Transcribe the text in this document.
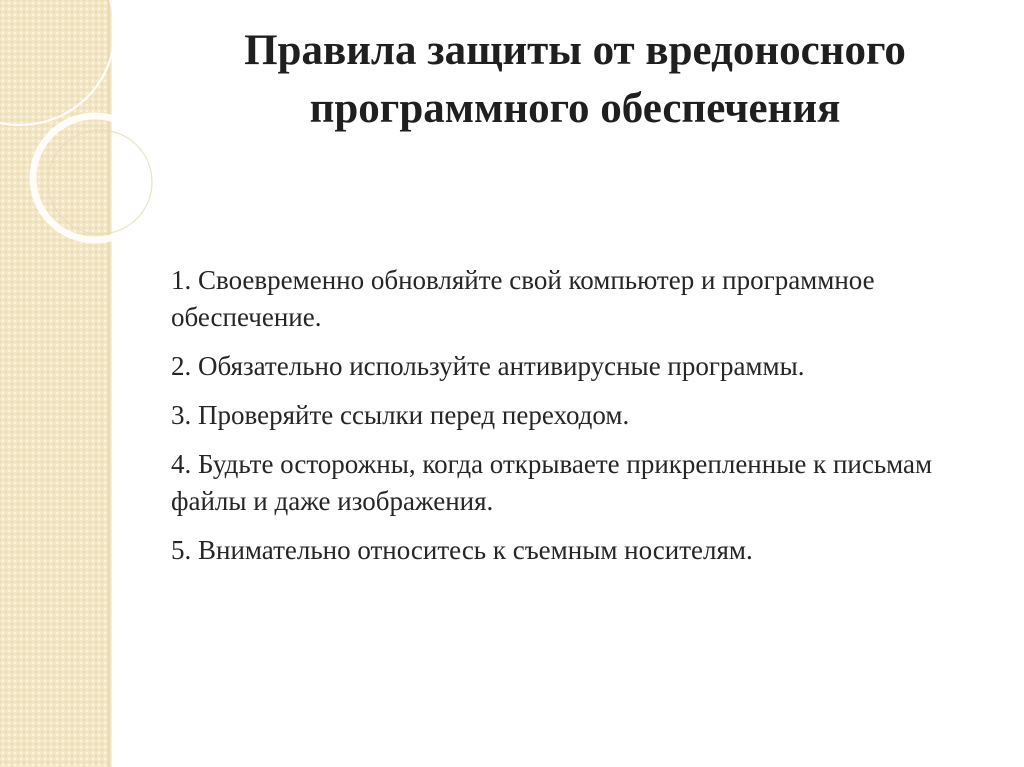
Правила защиты от вредоносного
программного обеспечения
1. Своевременно обновляйте свой компьютер и программное обеспечение.
2. Обязательно используйте антивирусные программы.
3. Проверяйте ссылки перед переходом.
4. Будьте осторожны, когда открываете прикрепленные к письмам файлы и даже изображения.
5. Внимательно относитесь к съемным носителям.
